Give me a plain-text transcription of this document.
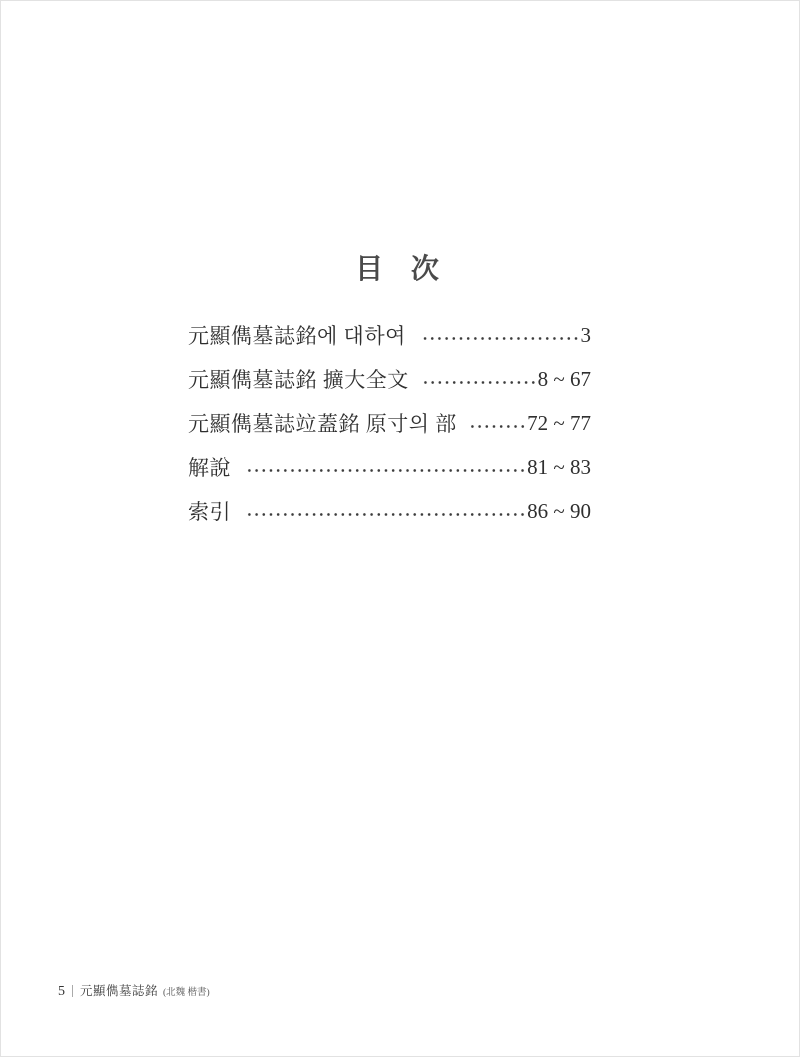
目 次
元顯儁墓誌銘에 대하여	3
元顯儁墓誌銘 擴大全文	8 ~ 67
元顯儁墓誌竝蓋銘 原寸의 部	72 ~ 77
解說	81 ~ 83
索引	86 ~ 90
5 元顯儁墓誌銘 (北魏 楷書)
